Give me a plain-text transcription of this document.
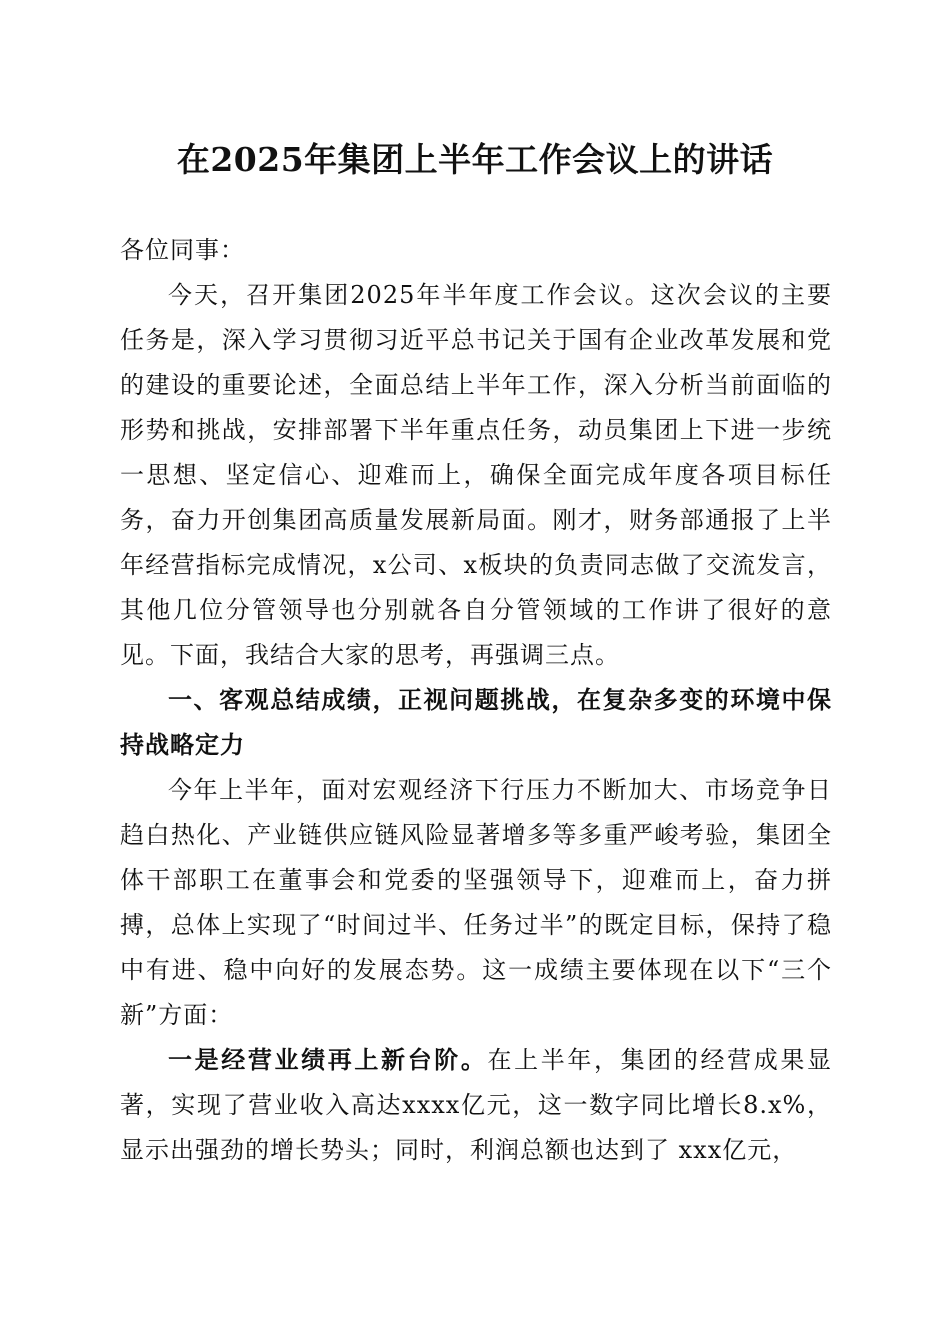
在2025年集团上半年工作会议上的讲话

各位同事：

今天，召开集团2025年半年度工作会议。这次会议的主要任务是，深入学习贯彻习近平总书记关于国有企业改革发展和党的建设的重要论述，全面总结上半年工作，深入分析当前面临的形势和挑战，安排部署下半年重点任务，动员集团上下进一步统一思想、坚定信心、迎难而上，确保全面完成年度各项目标任务，奋力开创集团高质量发展新局面。刚才，财务部通报了上半年经营指标完成情况，x公司、x板块的负责同志做了交流发言，其他几位分管领导也分别就各自分管领域的工作讲了很好的意见。下面，我结合大家的思考，再强调三点。

一、客观总结成绩，正视问题挑战，在复杂多变的环境中保持战略定力

今年上半年，面对宏观经济下行压力不断加大、市场竞争日趋白热化、产业链供应链风险显著增多等多重严峻考验，集团全体干部职工在董事会和党委的坚强领导下，迎难而上，奋力拼搏，总体上实现了“时间过半、任务过半”的既定目标，保持了稳中有进、稳中向好的发展态势。这一成绩主要体现在以下“三个新”方面：

一是经营业绩再上新台阶。在上半年，集团的经营成果显著，实现了营业收入高达xxxx亿元，这一数字同比增长8.x%，显示出强劲的增长势头；同时，利润总额也达到了 xxx亿元，
